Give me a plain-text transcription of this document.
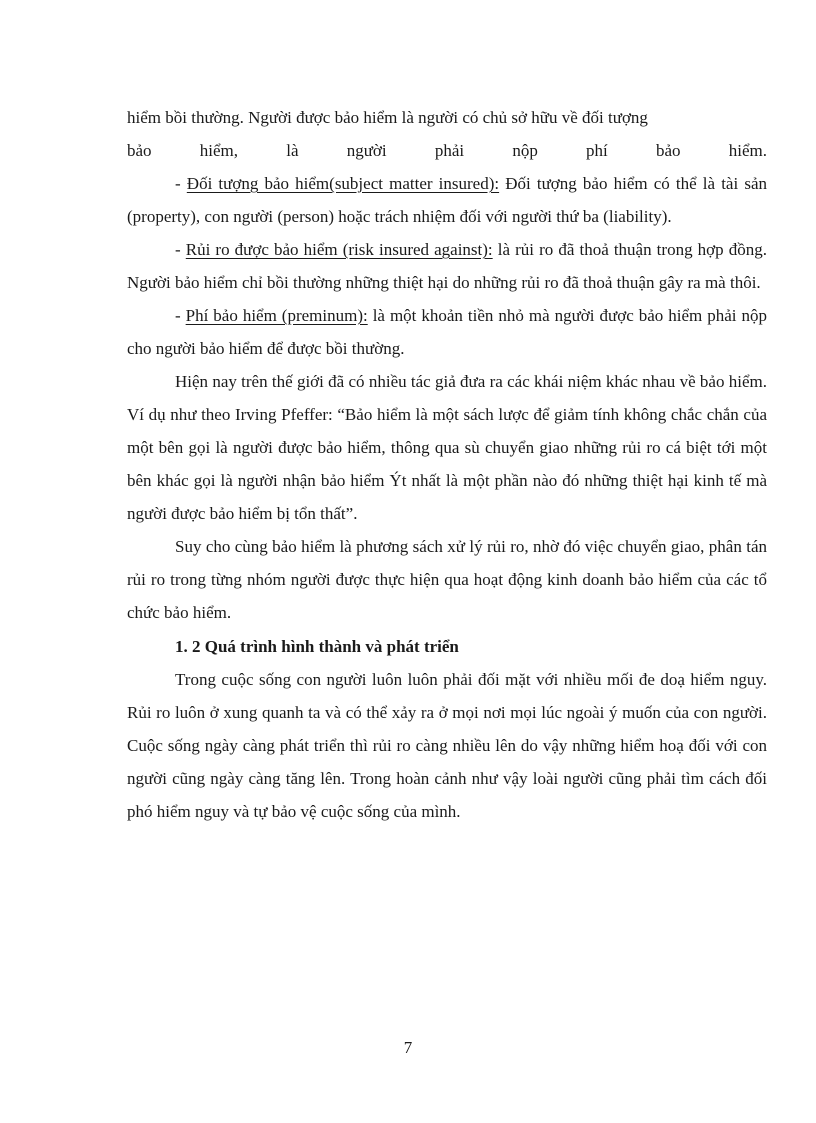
hiểm bồi thường. Người được bảo hiểm là người có chủ sở hữu về đối tượng

bảo hiểm, là người phải nộp phí bảo hiểm.

- Đối tượng bảo hiểm(subject matter insured): Đối tượng bảo hiểm có thể là tài sản (property), con người (person) hoặc trách nhiệm đối với người thứ ba (liability).

- Rủi ro được bảo hiểm (risk insured against): là rủi ro đã thoả thuận trong hợp đồng. Người bảo hiểm chỉ bồi thường những thiệt hại do những rủi ro đã thoả thuận gây ra mà thôi.

- Phí bảo hiểm (preminum): là một khoản tiền nhỏ mà người được bảo hiểm phải nộp cho người bảo hiểm để được bồi thường.

Hiện nay trên thế giới đã có nhiều tác giả đưa ra các khái niệm khác nhau về bảo hiểm. Ví dụ như theo Irving Pfeffer: “Bảo hiểm là một sách lược để giảm tính không chắc chắn của một bên gọi là người được bảo hiểm, thông qua sù chuyển giao những rủi ro cá biệt tới một bên khác gọi là người nhận bảo hiểm Ýt nhất là một phần nào đó những thiệt hại kinh tế mà người được bảo hiểm bị tổn thất”.

Suy cho cùng bảo hiểm là phương sách xử lý rủi ro, nhờ đó việc chuyển giao, phân tán rủi ro trong từng nhóm người được thực hiện qua hoạt động kinh doanh bảo hiểm của các tổ chức bảo hiểm.

1. 2 Quá trình hình thành và phát triển

Trong cuộc sống con người luôn luôn phải đối mặt với nhiều mối đe doạ hiểm nguy. Rủi ro luôn ở xung quanh ta và có thể xảy ra ở mọi nơi mọi lúc ngoài ý muốn của con người. Cuộc sống ngày càng phát triển thì rủi ro càng nhiều lên do vậy những hiểm hoạ đối với con người cũng ngày càng tăng lên. Trong hoàn cảnh như vậy loài người cũng phải tìm cách đối phó hiểm nguy và tự bảo vệ cuộc sống của mình.

7
